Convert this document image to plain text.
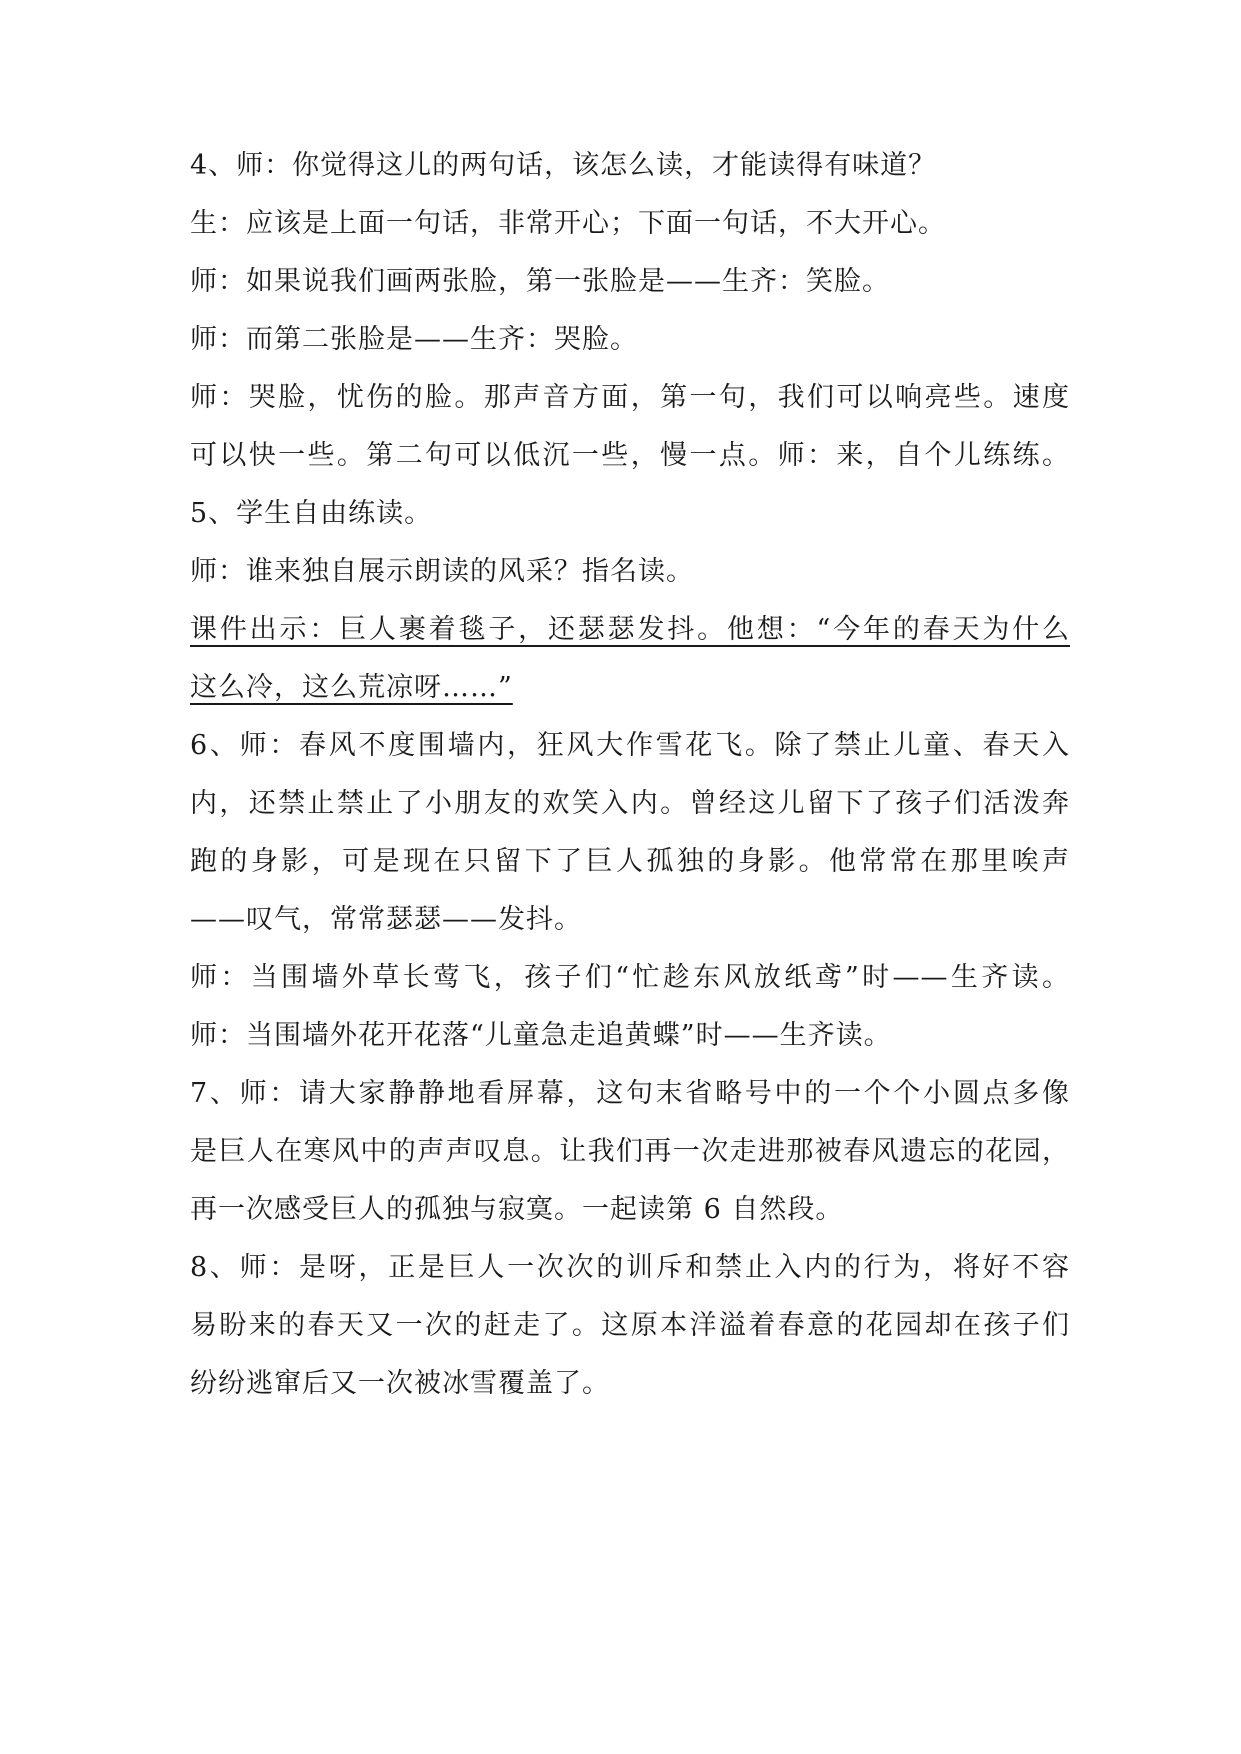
4、师：你觉得这儿的两句话，该怎么读，才能读得有味道？
生：应该是上面一句话，非常开心；下面一句话，不大开心。
师：如果说我们画两张脸，第一张脸是——生齐：笑脸。
师：而第二张脸是——生齐：哭脸。
师：哭脸，忧伤的脸。那声音方面，第一句，我们可以响亮些。速度
可以快一些。第二句可以低沉一些，慢一点。师：来，自个儿练练。
5、学生自由练读。
师：谁来独自展示朗读的风采？指名读。
课件出示：巨人裹着毯子，还瑟瑟发抖。他想：“今年的春天为什么
这么冷，这么荒凉呀……”
6、师：春风不度围墙内，狂风大作雪花飞。除了禁止儿童、春天入
内，还禁止禁止了小朋友的欢笑入内。曾经这儿留下了孩子们活泼奔
跑的身影，可是现在只留下了巨人孤独的身影。他常常在那里唉声
——叹气，常常瑟瑟——发抖。
师：当围墙外草长莺飞，孩子们“忙趁东风放纸鸢”时——生齐读。
师：当围墙外花开花落“儿童急走追黄蝶”时——生齐读。
7、师：请大家静静地看屏幕，这句末省略号中的一个个小圆点多像
是巨人在寒风中的声声叹息。让我们再一次走进那被春风遗忘的花园，
再一次感受巨人的孤独与寂寞。一起读第 6 自然段。
8、师：是呀，正是巨人一次次的训斥和禁止入内的行为，将好不容
易盼来的春天又一次的赶走了。这原本洋溢着春意的花园却在孩子们
纷纷逃窜后又一次被冰雪覆盖了。
